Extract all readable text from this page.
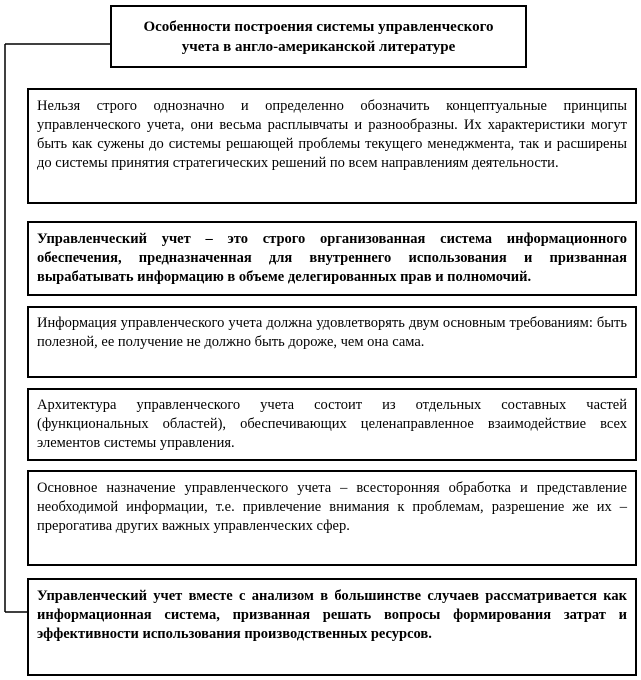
Особенности построения системы управленческого учета в англо-американской литературе
Нельзя строго однозначно и определенно обозначить концептуальные принципы управленческого учета, они весьма расплывчаты и разнообразны. Их характеристики могут быть как сужены до системы решающей проблемы текущего менеджмента, так и расширены до системы принятия стратегических решений по всем направлениям деятельности.
Управленческий учет – это строго организованная система информационного обеспечения, предназначенная для внутреннего использования и призванная вырабатывать информацию в объеме делегированных прав и полномочий.
Информация управленческого учета должна удовлетворять двум основным требованиям: быть полезной, ее получение не должно быть дороже, чем она сама.
Архитектура управленческого учета состоит из отдельных составных частей (функциональных областей), обеспечивающих целенаправленное взаимодействие всех элементов системы управления.
Основное назначение управленческого учета – всесторонняя обработка и представление необходимой информации, т.е. привлечение внимания к проблемам, разрешение же их – прерогатива других важных управленческих сфер.
Управленческий учет вместе с анализом в большинстве случаев рассматривается как информационная система, призванная решать вопросы формирования затрат и эффективности использования производственных ресурсов.
